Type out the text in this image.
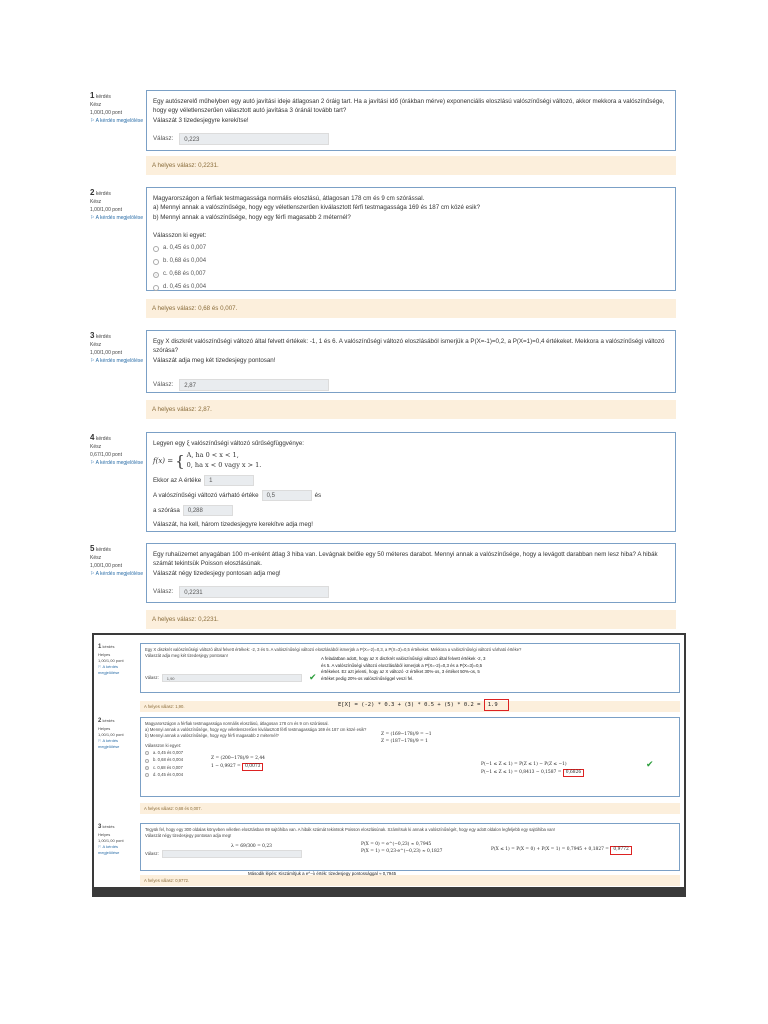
1 kérdés
Kész
1,00/1,00 pont
⚐ A kérdés megjelölése
Egy autószerelő műhelyben egy autó javítási ideje átlagosan 2 óráig tart. Ha a javítási idő (órákban mérve) exponenciális eloszlású valószínűségi változó, akkor mekkora a valószínűsége, hogy egy véletlenszerűen választott autó javítása 3 óránál tovább tart?
Válaszát 3 tizedesjegyre kerekítse!
Válasz:	0,223
A helyes válasz: 0,2231.
2 kérdés
Kész
1,00/1,00 pont
⚐ A kérdés megjelölése
Magyarországon a férfiak testmagassága normális eloszlású, átlagosan 178 cm és 9 cm szórással.
a) Mennyi annak a valószínűsége, hogy egy véletlenszerűen kiválasztott férfi testmagassága 169 és 187 cm közé esik?
b) Mennyi annak a valószínűsége, hogy egy férfi magasabb 2 méternél?
Válasszon ki egyet:
a. 0,45 és 0,007
b. 0,68 és 0,004
c. 0,68 és 0,007
d. 0,45 és 0,004
A helyes válasz: 0,68 és 0,007.
3 kérdés
Kész
1,00/1,00 pont
⚐ A kérdés megjelölése
Egy X diszkrét valószínűségi változó által felvett értékek: -1, 1 és 6. A valószínűségi változó eloszlásából ismerjük a P(X=-1)=0,2, a P(X=1)=0,4 értékeket. Mekkora a valószínűségi változó szórása?
Válaszát adja meg két tizedesjegy pontosan!
Válasz:	2,87
A helyes válasz: 2,87.
4 kérdés
Kész
0,67/1,00 pont
⚐ A kérdés megjelölése
Legyen egy ξ valószínűségi változó sűrűségfüggvénye:
f(x) = { A, ha 0 < x < 1,
0, ha x < 0 vagy x > 1.
Ekkor az A értéke 1
A valószínűségi változó várható értéke 0,5	és
a szórása 0,288
Válaszát, ha kell, három tizedesjegyre kerekítve adja meg!
5 kérdés
Kész
1,00/1,00 pont
⚐ A kérdés megjelölése
Egy ruhaüzemet anyagában 100 m-enként átlag 3 hiba van. Levágnak belőle egy 50 méteres darabot. Mennyi annak a valószínűsége, hogy a levágott darabban nem lesz hiba? A hibák számát tekintsük Poisson eloszlásúnak.
Válaszát négy tizedesjegy pontosan adja meg!
Válasz:	0,2231
A helyes válasz: 0,2231.
1 kérdés
Helyes
1,00/1,00 pont
⚐ A kérdés megjelölése
Egy X diszkrét valószínűségi változó által felvett értékek: -2, 3 és 5. A valószínűségi változó eloszlásából ismerjük a P(X=-2)=0,3, a P(X=3)=0,5 értékeket. Mekkora a valószínűségi változó várható értéke?
Válaszát adja meg két tizedesjegy pontosan!
Válasz:	1,90	✔
A feladatban adott, hogy az X diszkrét valószínűségi változó által felvett értékek -2, 3
és 5. A valószínűségi változó eloszlásából ismerjük a P(X=-2)=0,3 és a P(X=3)=0,5
értékeket. Ez azt jelenti, hogy az X változó -2 értéket 30%-os, 3 értéket 50%-os, 5
értéket pedig 20%-os valószínűséggel veszi fel.
A helyes válasz: 1,90.	E[X] = (-2) * 0.3 + (3) * 0.5 + (5) * 0.2 = 1.9
2 kérdés
Helyes
1,00/1,00 pont
⚐ A kérdés megjelölése
Magyarországon a férfiak testmagassága normális eloszlású, átlagosan 178 cm és 9 cm szórással.
a) Mennyi annak a valószínűsége, hogy egy véletlenszerűen kiválasztott férfi testmagassága 169 és 187 cm közé esik?
b) Mennyi annak a valószínűsége, hogy egy férfi magasabb 2 méternél?
Válasszon ki egyet:
a. 0,45 és 0,007
b. 0,68 és 0,004
c. 0,68 és 0,007
d. 0,45 és 0,004
Z = (200−178)/9 = 2,44
1 − 0,9927 = 0,0073
Z = (169−178)/9 = −1
Z = (187−178)/9 = 1
P(−1 ≤ Z ≤ 1) = P(Z ≤ 1) − P(Z ≤ −1)
P(−1 ≤ Z ≤ 1) = 0,8413 − 0,1587 = 0,6826
✔
A helyes válasz: 0,68 és 0,007.
3 kérdés
Helyes
1,00/1,00 pont
⚐ A kérdés megjelölése
Tegyük fel, hogy egy 300 oldalas könyvben véletlen elosztásban 69 sajtóhiba van. A hibák számát tekintsük Poisson eloszlásúnak. Számítsuk ki annak a valószínűségét, hogy egy adott oldalon legfeljebb egy sajtóhiba van!
Válaszát négy tizedesjegy pontosan adja meg!
Válasz:
λ = 69/300 = 0,23	P(X = 0) = e^(−0,23) ≈ 0,7945
P(X = 1) = 0,23·e^(−0,23) ≈ 0,1827	P(X ≤ 1) = P(X = 0) + P(X = 1) = 0,7945 + 0,1827 = 0,9772
A helyes válasz: 0,9772.
Második lépés: Kiszámítjuk a e^−λ érték: tizedesjegy pontossággal ≈ 0,7945
